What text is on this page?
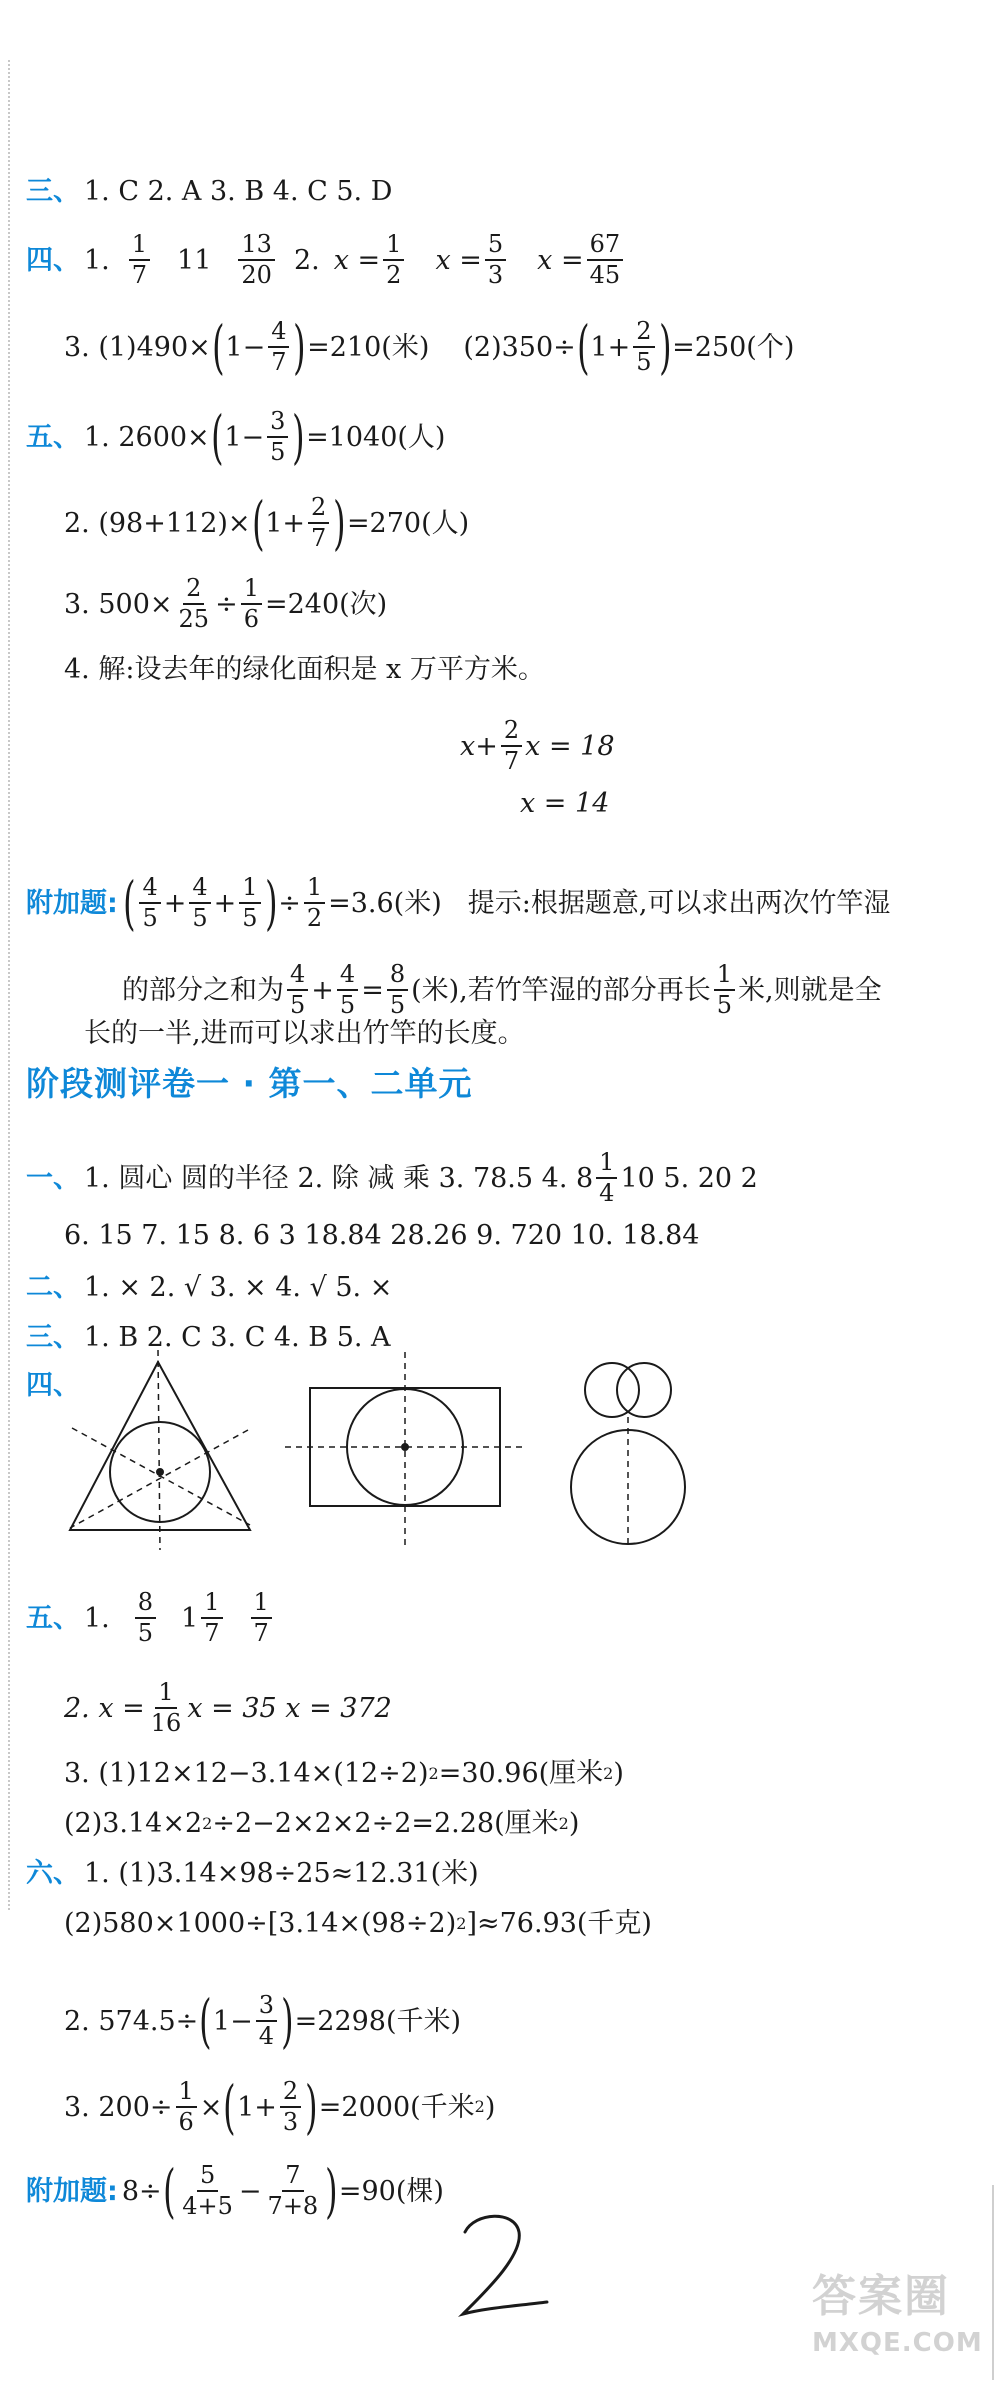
三、 1. C 2. A 3. B 4. C 5. D
四、 1. $\frac{1}{7} 11 \frac{13}{20} 2$. $x = \frac{1}{2}$ $x = \frac{5}{3}$ $x = \frac{67}{45}$
3. (1)490× ( $1- \frac{4}{7}$ ) =210(米) (2)350÷ ( $1+ \frac{2}{5}$ ) =250(个)
五、 1. 2600× ( $1- \frac{3}{5}$ ) =1040(人)
2. (98+112)× ( $1+ \frac{2}{7}$ ) =270(人)
3. $500\times \frac{2}{25} \div \frac{1}{6} =240$(次)
4. 解:设去年的绿化面积是 x 万平方米。
$x+ \frac{2}{7}$ x = 18
x = 14
附加题: ( $\frac{4}{5} + \frac{4}{5} + \frac{1}{5}$ ) ÷ $\frac{1}{2} =3.6$(米) 提示:根据题意,可以求出两次竹竿湿
的部分之和为 $\frac{4}{5} + \frac{4}{5} = \frac{8}{5}$ (米),若竹竿湿的部分再长 $\frac{1}{5}$ 米,则就是全
长的一半,进而可以求出竹竿的长度。
阶段测评卷一 · 第一、二单元
一、 1. 圆心 圆的半径 2. 除 减 乘 3. 78.5 4. $8 \frac{1}{4} 10$ 5. 20 2
6. 15 7. 15 8. 6 3 18.84 28.26 9. 720 10. 18.84
二、 1. × 2. √ 3. × 4. √ 5. ×
三、 1. B 2. C 3. C 4. B 5. A
四、
五、 1. $\frac{8}{5} 1 \frac{1}{7} \frac{1}{7}$
2. $x = \frac{1}{16}$ x = 35 x = 372
3. (1)12×12−3.14×(12÷2) 2 =30.96(厘米 2 )
(2)3.14×2 2 ÷2−2×2×2÷2=2.28(厘米 2 )
六、 1. (1)3.14×98÷25≈12.31(米)
(2)580×1000÷[3.14×(98÷2) 2 ]≈76.93(千克)
2. 574.5÷ ( $1- \frac{3}{4}$ ) =2298(千米)
3. $200\div \frac{1}{6}$ × ( $1+ \frac{2}{3}$ ) =2000(千米 2 )
附加题: 8÷ ( $\frac{5}{4+5} - \frac{7}{7+8}$ ) =90(棵)
答案圈
MXQE.COM
